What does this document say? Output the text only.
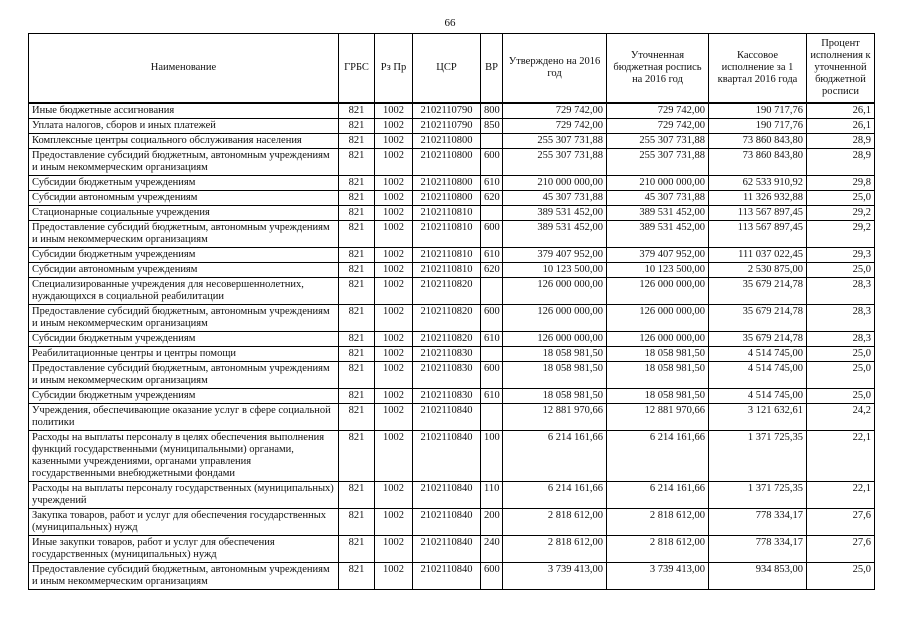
66
Наименование	ГРБС	Рз Пр	ЦСР	ВР	Утверждено на 2016 год	Уточненная бюджетная роспись на 2016 год	Кассовое исполнение за 1 квартал 2016 года	Процент исполнения к уточненной бюджетной росписи
Иные бюджетные ассигнования	821	1002	2102110790	800	729 742,00	729 742,00	190 717,76	26,1
Уплата налогов, сборов и иных платежей	821	1002	2102110790	850	729 742,00	729 742,00	190 717,76	26,1
Комплексные центры социального обслуживания населения	821	1002	2102110800		255 307 731,88	255 307 731,88	73 860 843,80	28,9
Предоставление субсидий бюджетным, автономным учреждениям и иным некоммерческим организациям	821	1002	2102110800	600	255 307 731,88	255 307 731,88	73 860 843,80	28,9
Субсидии бюджетным учреждениям	821	1002	2102110800	610	210 000 000,00	210 000 000,00	62 533 910,92	29,8
Субсидии автономным учреждениям	821	1002	2102110800	620	45 307 731,88	45 307 731,88	11 326 932,88	25,0
Стационарные социальные учреждения	821	1002	2102110810		389 531 452,00	389 531 452,00	113 567 897,45	29,2
Предоставление субсидий бюджетным, автономным учреждениям и иным некоммерческим организациям	821	1002	2102110810	600	389 531 452,00	389 531 452,00	113 567 897,45	29,2
Субсидии бюджетным учреждениям	821	1002	2102110810	610	379 407 952,00	379 407 952,00	111 037 022,45	29,3
Субсидии автономным учреждениям	821	1002	2102110810	620	10 123 500,00	10 123 500,00	2 530 875,00	25,0
Специализированные учреждения для несовершеннолетних, нуждающихся в социальной реабилитации	821	1002	2102110820		126 000 000,00	126 000 000,00	35 679 214,78	28,3
Предоставление субсидий бюджетным, автономным учреждениям и иным некоммерческим организациям	821	1002	2102110820	600	126 000 000,00	126 000 000,00	35 679 214,78	28,3
Субсидии бюджетным учреждениям	821	1002	2102110820	610	126 000 000,00	126 000 000,00	35 679 214,78	28,3
Реабилитационные центры и центры помощи	821	1002	2102110830		18 058 981,50	18 058 981,50	4 514 745,00	25,0
Предоставление субсидий бюджетным, автономным учреждениям и иным некоммерческим организациям	821	1002	2102110830	600	18 058 981,50	18 058 981,50	4 514 745,00	25,0
Субсидии бюджетным учреждениям	821	1002	2102110830	610	18 058 981,50	18 058 981,50	4 514 745,00	25,0
Учреждения, обеспечивающие оказание услуг в сфере социальной политики	821	1002	2102110840		12 881 970,66	12 881 970,66	3 121 632,61	24,2
Расходы на выплаты персоналу в целях обеспечения выполнения функций государственными (муниципальными) органами, казенными учреждениями, органами управления государственными внебюджетными фондами	821	1002	2102110840	100	6 214 161,66	6 214 161,66	1 371 725,35	22,1
Расходы на выплаты персоналу государственных (муниципальных) учреждений	821	1002	2102110840	110	6 214 161,66	6 214 161,66	1 371 725,35	22,1
Закупка товаров, работ и услуг для обеспечения государственных (муниципальных) нужд	821	1002	2102110840	200	2 818 612,00	2 818 612,00	778 334,17	27,6
Иные закупки товаров, работ и услуг для обеспечения государственных (муниципальных) нужд	821	1002	2102110840	240	2 818 612,00	2 818 612,00	778 334,17	27,6
Предоставление субсидий бюджетным, автономным учреждениям и иным некоммерческим организациям	821	1002	2102110840	600	3 739 413,00	3 739 413,00	934 853,00	25,0
